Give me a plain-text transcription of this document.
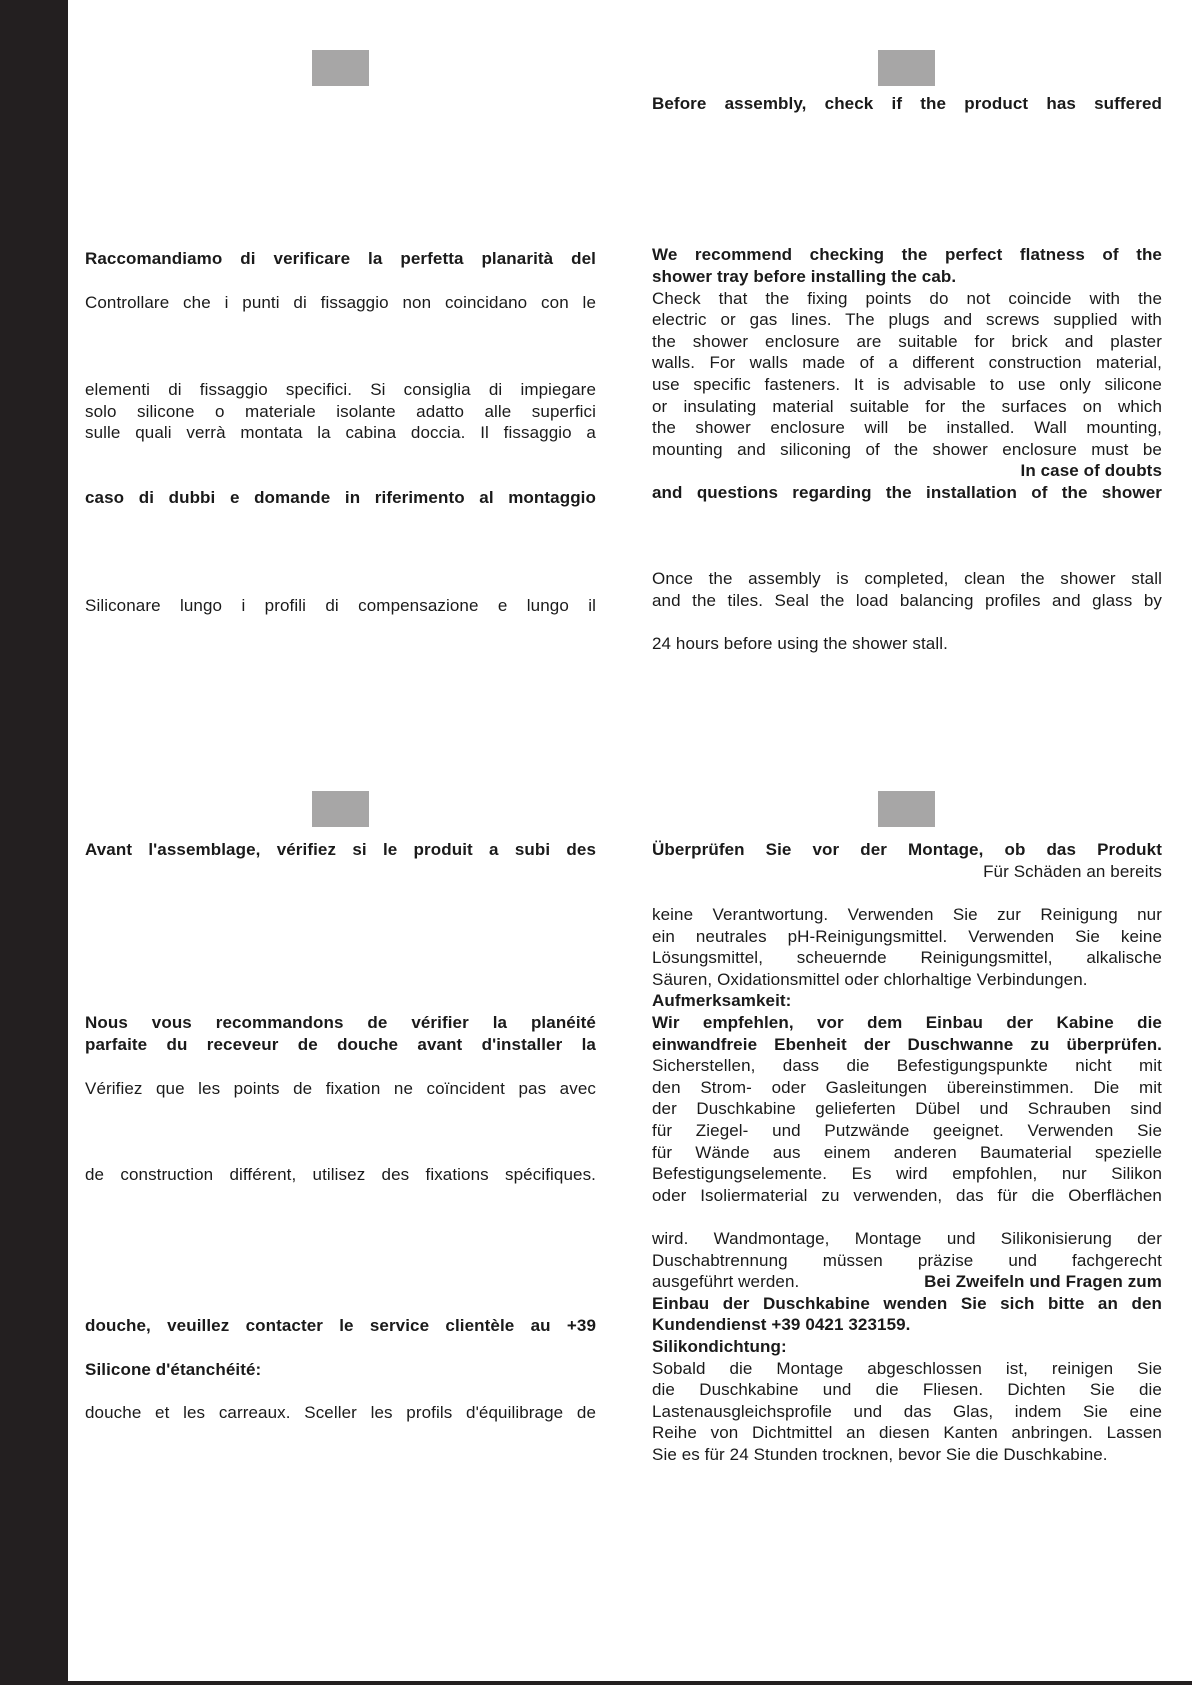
Raccomandiamo di verificare la perfetta planarità del
Controllare che i punti di fissaggio non coincidano con le
elementi di fissaggio specifici. Si consiglia di impiegare
solo silicone o materiale isolante adatto alle superfici
sulle quali verrà montata la cabina doccia. Il fissaggio a
caso di dubbi e domande in riferimento al montaggio
Siliconare lungo i profili di compensazione e lungo il
Before assembly, check if the product has suffered
We recommend checking the perfect flatness of the
shower tray before installing the cab.
Check that the fixing points do not coincide with the
electric or gas lines. The plugs and screws supplied with
the shower enclosure are suitable for brick and plaster
walls. For walls made of a different construction material,
use specific fasteners. It is advisable to use only silicone
or insulating material suitable for the surfaces on which
the shower enclosure will be installed. Wall mounting,
mounting and siliconing of the shower enclosure must be
In case of doubts
and questions regarding the installation of the shower
Once the assembly is completed, clean the shower stall
and the tiles. Seal the load balancing profiles and glass by
24 hours before using the shower stall.
Avant l'assemblage, vérifiez si le produit a subi des
Nous vous recommandons de vérifier la planéité
parfaite du receveur de douche avant d'installer la
Vérifiez que les points de fixation ne coïncident pas avec
de construction différent, utilisez des fixations spécifiques.
douche, veuillez contacter le service clientèle au +39
Silicone d'étanchéité:
douche et les carreaux. Sceller les profils d'équilibrage de
Überprüfen Sie vor der Montage, ob das Produkt
Für Schäden an bereits
keine Verantwortung. Verwenden Sie zur Reinigung nur
ein neutrales pH-Reinigungsmittel. Verwenden Sie keine
Lösungsmittel, scheuernde Reinigungsmittel, alkalische
Säuren, Oxidationsmittel oder chlorhaltige Verbindungen.
Aufmerksamkeit:
Wir empfehlen, vor dem Einbau der Kabine die
einwandfreie Ebenheit der Duschwanne zu überprüfen.
Sicherstellen, dass die Befestigungspunkte nicht mit
den Strom- oder Gasleitungen übereinstimmen. Die mit
der Duschkabine gelieferten Dübel und Schrauben sind
für Ziegel- und Putzwände geeignet. Verwenden Sie
für Wände aus einem anderen Baumaterial spezielle
Befestigungselemente. Es wird empfohlen, nur Silikon
oder Isoliermaterial zu verwenden, das für die Oberflächen
wird. Wandmontage, Montage und Silikonisierung der
Duschabtrennung müssen präzise und fachgerecht
ausgeführt werden.	Bei Zweifeln und Fragen zum
Einbau der Duschkabine wenden Sie sich bitte an den
Kundendienst +39 0421 323159.
Silikondichtung:
Sobald die Montage abgeschlossen ist, reinigen Sie
die Duschkabine und die Fliesen. Dichten Sie die
Lastenausgleichsprofile und das Glas, indem Sie eine
Reihe von Dichtmittel an diesen Kanten anbringen. Lassen
Sie es für 24 Stunden trocknen, bevor Sie die Duschkabine.
